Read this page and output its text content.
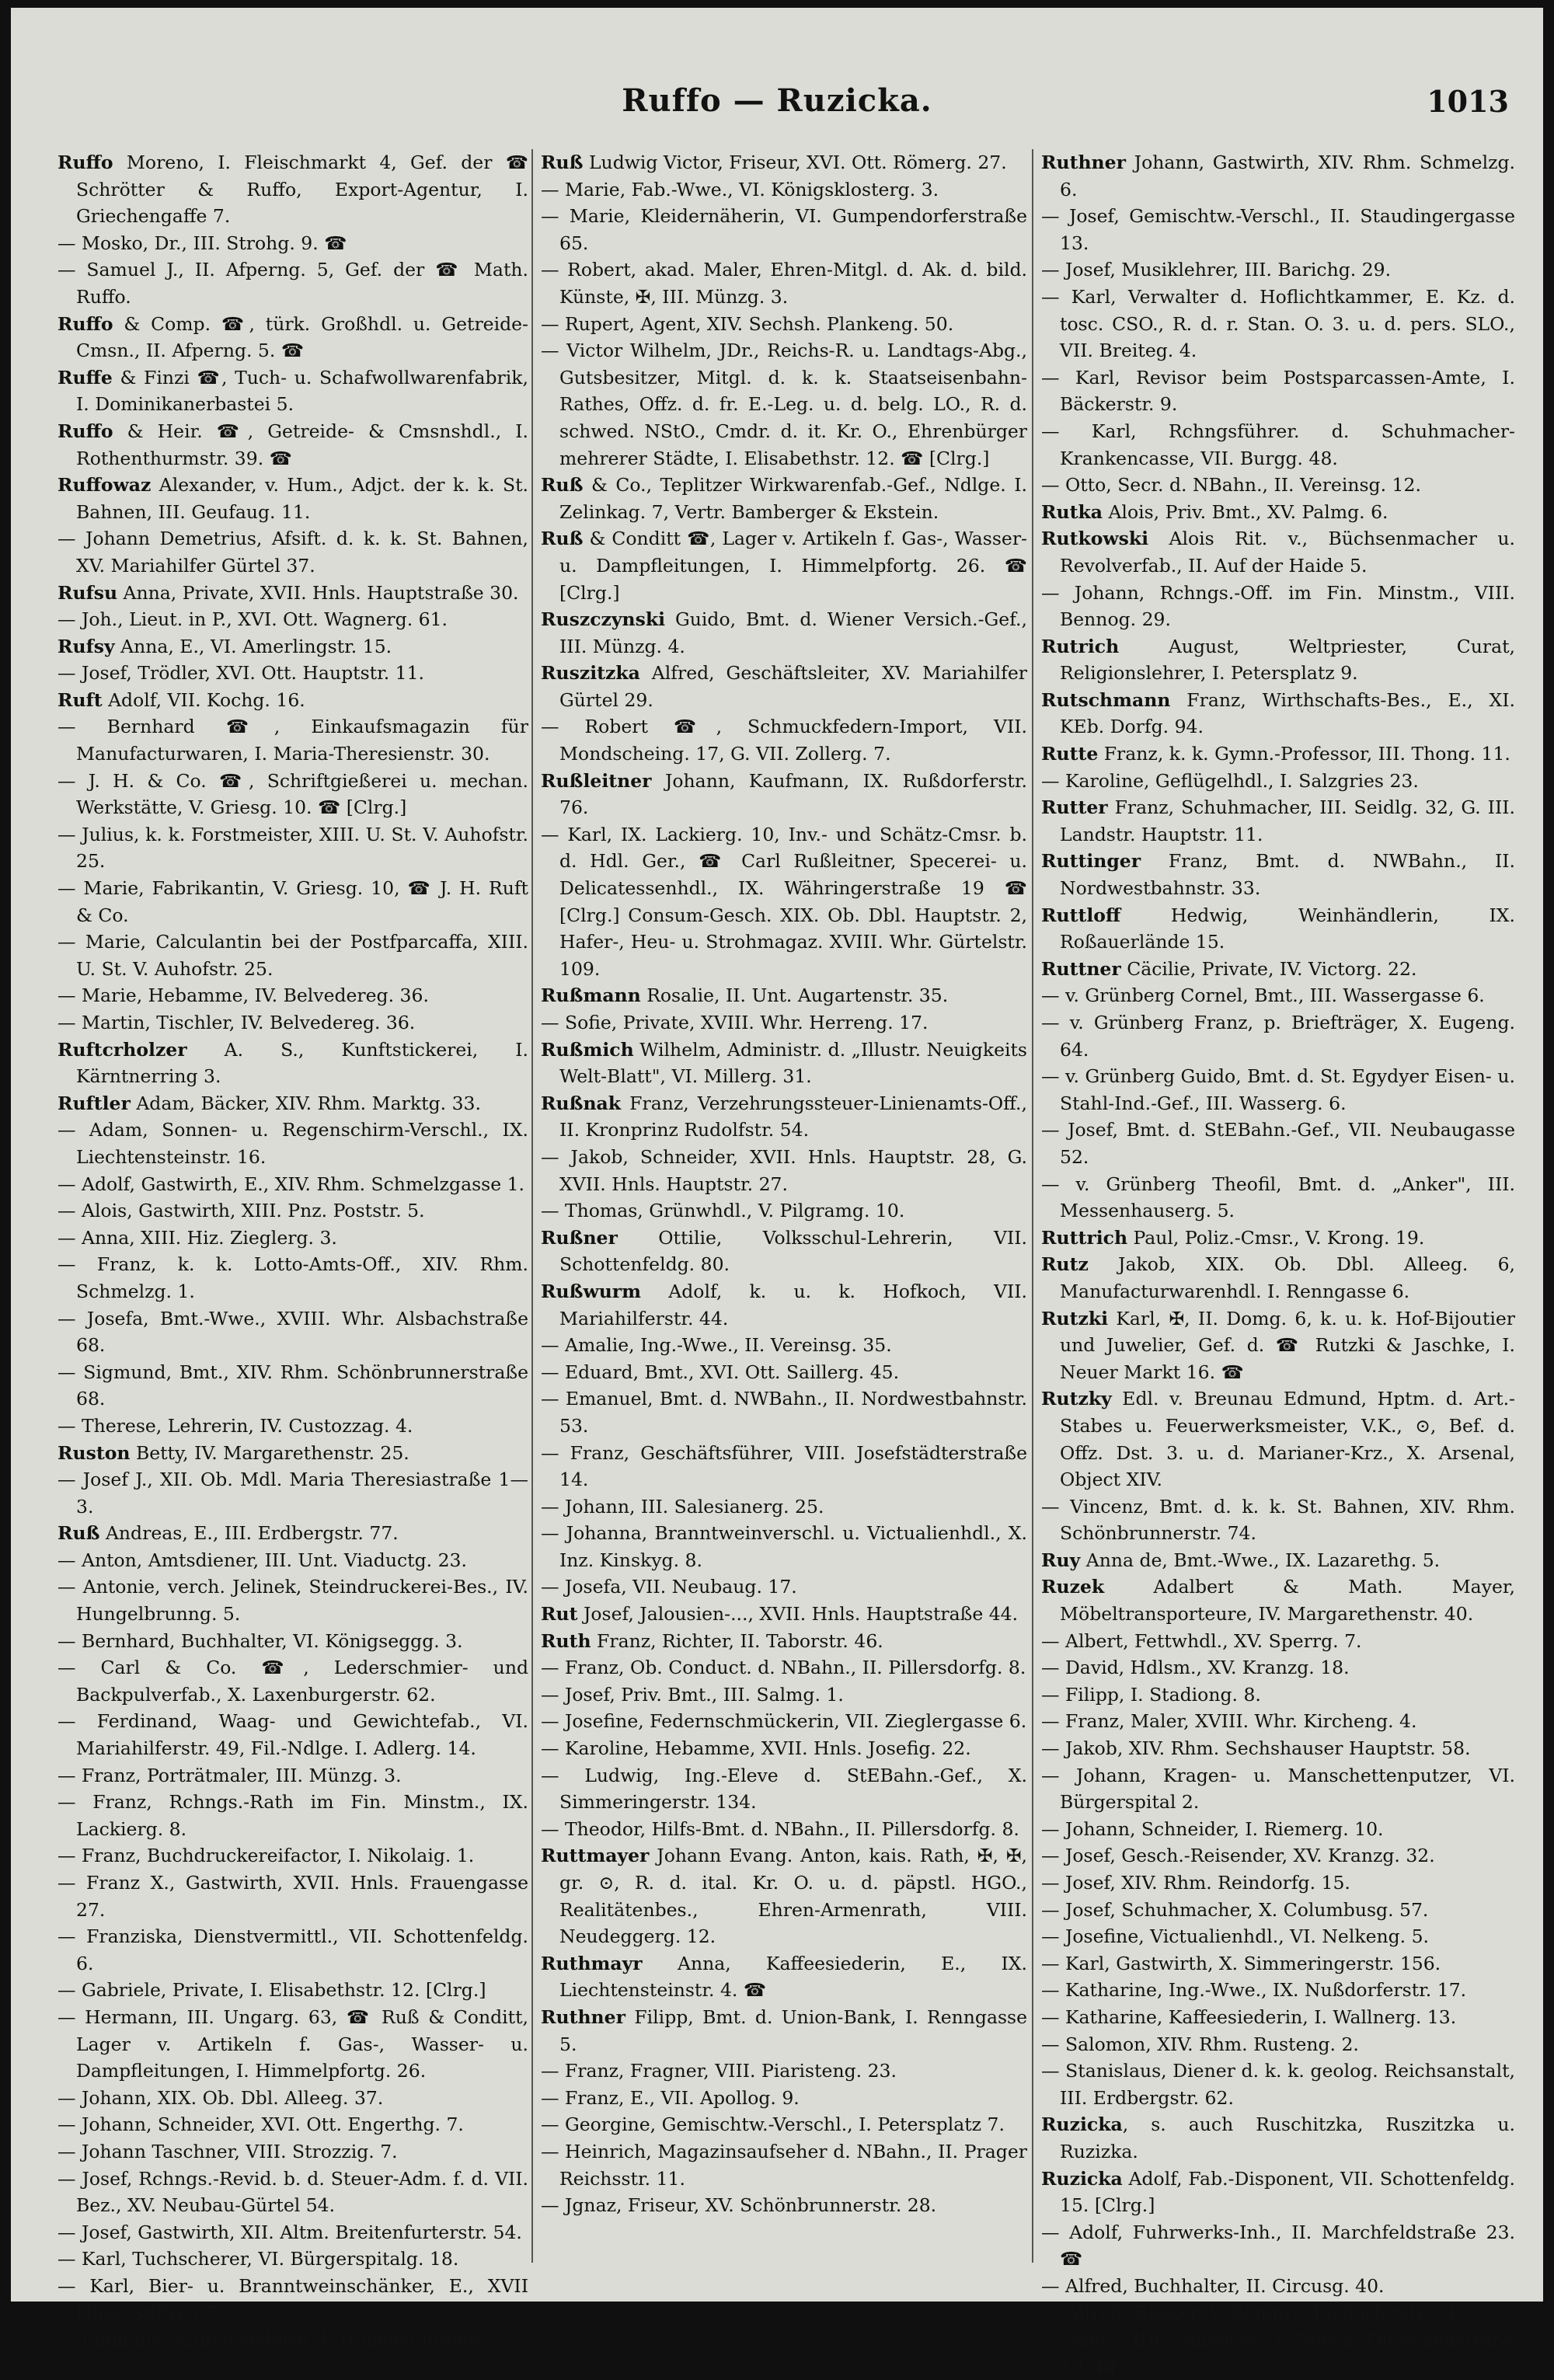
Ruffo — Ruzicka.	1013

Ruffo Moreno, I. Fleischmarkt 4, Gef. der ☎ Schrötter & Ruffo, Export-Agentur, I. Griechengaffe 7.

— Mosko, Dr., III. Strohg. 9. ☎

— Samuel J., II. Afperng. 5, Gef. der ☎ Math. Ruffo.

Ruffo & Comp. ☎, türk. Großhdl. u. Getreide-Cmsn., II. Afperng. 5. ☎

Ruffe & Finzi ☎, Tuch- u. Schafwollwarenfabrik, I. Dominikanerbastei 5.

Ruffo & Heir. ☎, Getreide- & Cmsnshdl., I. Rothenthurmstr. 39. ☎

Ruffowaz Alexander, v. Hum., Adjct. der k. k. St. Bahnen, III. Geufaug. 11.

— Johann Demetrius, Afsift. d. k. k. St. Bahnen, XV. Mariahilfer Gürtel 37.

Rufsu Anna, Private, XVII. Hnls. Hauptstraße 30.

— Joh., Lieut. in P., XVI. Ott. Wagnerg. 61.

Rufsy Anna, E., VI. Amerlingstr. 15.

— Josef, Trödler, XVI. Ott. Hauptstr. 11.

Ruft Adolf, VII. Kochg. 16.

— Bernhard ☎, Einkaufsmagazin für Manufacturwaren, I. Maria-Theresienstr. 30.

— J. H. & Co. ☎, Schriftgießerei u. mechan. Werkstätte, V. Griesg. 10. ☎ [Clrg.]

— Julius, k. k. Forstmeister, XIII. U. St. V. Auhofstr. 25.

— Marie, Fabrikantin, V. Griesg. 10, ☎ J. H. Ruft & Co.

— Marie, Calculantin bei der Postfparcaffa, XIII. U. St. V. Auhofstr. 25.

— Marie, Hebamme, IV. Belvedereg. 36.

— Martin, Tischler, IV. Belvedereg. 36.

Ruftcrholzer A. S., Kunftstickerei, I. Kärntnerring 3.

Ruftler Adam, Bäcker, XIV. Rhm. Marktg. 33.

— Adam, Sonnen- u. Regenschirm-Verschl., IX. Liechtensteinstr. 16.

— Adolf, Gastwirth, E., XIV. Rhm. Schmelzgasse 1.

— Alois, Gastwirth, XIII. Pnz. Poststr. 5.

— Anna, XIII. Hiz. Zieglerg. 3.

— Franz, k. k. Lotto-Amts-Off., XIV. Rhm. Schmelzg. 1.

— Josefa, Bmt.-Wwe., XVIII. Whr. Alsbachstraße 68.

— Sigmund, Bmt., XIV. Rhm. Schönbrunnerstraße 68.

— Therese, Lehrerin, IV. Custozzag. 4.

Ruston Betty, IV. Margarethenstr. 25.

— Josef J., XII. Ob. Mdl. Maria Theresiastraße 1—3.

Ruß Andreas, E., III. Erdbergstr. 77.

— Anton, Amtsdiener, III. Unt. Viaductg. 23.

— Antonie, verch. Jelinek, Steindruckerei-Bes., IV. Hungelbrunng. 5.

— Bernhard, Buchhalter, VI. Königseggg. 3.

— Carl & Co. ☎, Lederschmier- und Backpulverfab., X. Laxenburgerstr. 62.

— Ferdinand, Waag- und Gewichtefab., VI. Mariahilferstr. 49, Fil.-Ndlge. I. Adlerg. 14.

— Franz, Porträtmaler, III. Münzg. 3.

— Franz, Rchngs.-Rath im Fin. Minstm., IX. Lackierg. 8.

— Franz, Buchdruckereifactor, I. Nikolaig. 1.

— Franz X., Gastwirth, XVII. Hnls. Frauengasse 27.

— Franziska, Dienstvermittl., VII. Schottenfeldg. 6.

— Gabriele, Private, I. Elisabethstr. 12. [Clrg.]

— Hermann, III. Ungarg. 63, ☎ Ruß & Conditt, Lager v. Artikeln f. Gas-, Wasser- u. Dampfleitungen, I. Himmelpfortg. 26.

— Johann, XIX. Ob. Dbl. Alleeg. 37.

— Johann, Schneider, XVI. Ott. Engerthg. 7.

— Johann Taschner, VIII. Strozzig. 7.

— Josef, Rchngs.-Revid. b. d. Steuer-Adm. f. d. VII. Bez., XV. Neubau-Gürtel 54.

— Josef, Gastwirth, XII. Altm. Breitenfurterstr. 54.

— Karl, Tuchscherer, VI. Bürgerspitalg. 18.

— Karl, Bier- u. Branntweinschänker, E., XVII Hnls. Stiftg. 87.

— Ludmilla, Kaffeesiederin, I. Hohenstaufeng. 7.

Ruß Ludwig Victor, Friseur, XVI. Ott. Römerg. 27.

— Marie, Fab.-Wwe., VI. Königsklosterg. 3.

— Marie, Kleidernäherin, VI. Gumpendorferstraße 65.

— Robert, akad. Maler, Ehren-Mitgl. d. Ak. d. bild. Künste, ✠, III. Münzg. 3.

— Rupert, Agent, XIV. Sechsh. Plankeng. 50.

— Victor Wilhelm, JDr., Reichs-R. u. Landtags-Abg., Gutsbesitzer, Mitgl. d. k. k. Staatseisenbahn-Rathes, Offz. d. fr. E.-Leg. u. d. belg. LO., R. d. schwed. NStO., Cmdr. d. it. Kr. O., Ehrenbürger mehrerer Städte, I. Elisabethstr. 12. ☎ [Clrg.]

Ruß & Co., Teplitzer Wirkwarenfab.-Gef., Ndlge. I. Zelinkag. 7, Vertr. Bamberger & Ekstein.

Ruß & Conditt ☎, Lager v. Artikeln f. Gas-, Wasser- u. Dampfleitungen, I. Himmelpfortg. 26. ☎ [Clrg.]

Ruszczynski Guido, Bmt. d. Wiener Versich.-Gef., III. Münzg. 4.

Ruszitzka Alfred, Geschäftsleiter, XV. Mariahilfer Gürtel 29.

— Robert ☎, Schmuckfedern-Import, VII. Mondscheing. 17, G. VII. Zollerg. 7.

Rußleitner Johann, Kaufmann, IX. Rußdorferstr. 76.

— Karl, IX. Lackierg. 10, Inv.- und Schätz-Cmsr. b. d. Hdl. Ger., ☎ Carl Rußleitner, Specerei- u. Delicatessenhdl., IX. Währingerstraße 19 ☎ [Clrg.] Consum-Gesch. XIX. Ob. Dbl. Hauptstr. 2, Hafer-, Heu- u. Strohmagaz. XVIII. Whr. Gürtelstr. 109.

Rußmann Rosalie, II. Unt. Augartenstr. 35.

— Sofie, Private, XVIII. Whr. Herreng. 17.

Rußmich Wilhelm, Administr. d. „Illustr. Neuigkeits Welt-Blatt", VI. Millerg. 31.

Rußnak Franz, Verzehrungssteuer-Linienamts-Off., II. Kronprinz Rudolfstr. 54.

— Jakob, Schneider, XVII. Hnls. Hauptstr. 28, G. XVII. Hnls. Hauptstr. 27.

— Thomas, Grünwhdl., V. Pilgramg. 10.

Rußner Ottilie, Volksschul-Lehrerin, VII. Schottenfeldg. 80.

Rußwurm Adolf, k. u. k. Hofkoch, VII. Mariahilferstr. 44.

— Amalie, Ing.-Wwe., II. Vereinsg. 35.

— Eduard, Bmt., XVI. Ott. Saillerg. 45.

— Emanuel, Bmt. d. NWBahn., II. Nordwestbahnstr. 53.

— Franz, Geschäftsführer, VIII. Josefstädterstraße 14.

— Johann, III. Salesianerg. 25.

— Johanna, Branntweinverschl. u. Victualienhdl., X. Inz. Kinskyg. 8.

— Josefa, VII. Neubaug. 17.

Rut Josef, Jalousien-..., XVII. Hnls. Hauptstraße 44.

Ruth Franz, Richter, II. Taborstr. 46.

— Franz, Ob. Conduct. d. NBahn., II. Pillersdorfg. 8.

— Josef, Priv. Bmt., III. Salmg. 1.

— Josefine, Federnschmückerin, VII. Zieglergasse 6.

— Karoline, Hebamme, XVII. Hnls. Josefig. 22.

— Ludwig, Ing.-Eleve d. StEBahn.-Gef., X. Simmeringerstr. 134.

— Theodor, Hilfs-Bmt. d. NBahn., II. Pillersdorfg. 8.

Ruttmayer Johann Evang. Anton, kais. Rath, ✠, ✠, gr. ⊙, R. d. ital. Kr. O. u. d. päpstl. HGO., Realitätenbes., Ehren-Armenrath, VIII. Neudeggerg. 12.

Ruthmayr Anna, Kaffeesiederin, E., IX. Liechtensteinstr. 4. ☎

Ruthner Filipp, Bmt. d. Union-Bank, I. Renngasse 5.

— Franz, Fragner, VIII. Piaristeng. 23.

— Franz, E., VII. Apollog. 9.

— Georgine, Gemischtw.-Verschl., I. Petersplatz 7.

— Heinrich, Magazinsaufseher d. NBahn., II. Prager Reichsstr. 11.

— Jgnaz, Friseur, XV. Schönbrunnerstr. 28.

Ruthner Johann, Gastwirth, XIV. Rhm. Schmelzg. 6.

— Josef, Gemischtw.-Verschl., II. Staudingergasse 13.

— Josef, Musiklehrer, III. Barichg. 29.

— Karl, Verwalter d. Hoflichtkammer, E. Kz. d. tosc. CSO., R. d. r. Stan. O. 3. u. d. pers. SLO., VII. Breiteg. 4.

— Karl, Revisor beim Postsparcassen-Amte, I. Bäckerstr. 9.

— Karl, Rchngsführer. d. Schuhmacher-Krankencasse, VII. Burgg. 48.

— Otto, Secr. d. NBahn., II. Vereinsg. 12.

Rutka Alois, Priv. Bmt., XV. Palmg. 6.

Rutkowski Alois Rit. v., Büchsenmacher u. Revolverfab., II. Auf der Haide 5.

— Johann, Rchngs.-Off. im Fin. Minstm., VIII. Bennog. 29.

Rutrich August, Weltpriester, Curat, Religionslehrer, I. Petersplatz 9.

Rutschmann Franz, Wirthschafts-Bes., E., XI. KEb. Dorfg. 94.

Rutte Franz, k. k. Gymn.-Professor, III. Thong. 11.

— Karoline, Geflügelhdl., I. Salzgries 23.

Rutter Franz, Schuhmacher, III. Seidlg. 32, G. III. Landstr. Hauptstr. 11.

Ruttinger Franz, Bmt. d. NWBahn., II. Nordwestbahnstr. 33.

Ruttloff Hedwig, Weinhändlerin, IX. Roßauerlände 15.

Ruttner Cäcilie, Private, IV. Victorg. 22.

— v. Grünberg Cornel, Bmt., III. Wassergasse 6.

— v. Grünberg Franz, p. Briefträger, X. Eugeng. 64.

— v. Grünberg Guido, Bmt. d. St. Egydyer Eisen- u. Stahl-Ind.-Gef., III. Wasserg. 6.

— Josef, Bmt. d. StEBahn.-Gef., VII. Neubaugasse 52.

— v. Grünberg Theofil, Bmt. d. „Anker", III. Messenhauserg. 5.

Ruttrich Paul, Poliz.-Cmsr., V. Krong. 19.

Rutz Jakob, XIX. Ob. Dbl. Alleeg. 6, Manufacturwarenhdl. I. Renngasse 6.

Rutzki Karl, ✠, II. Domg. 6, k. u. k. Hof-Bijoutier und Juwelier, Gef. d. ☎ Rutzki & Jaschke, I. Neuer Markt 16. ☎

Rutzky Edl. v. Breunau Edmund, Hptm. d. Art.-Stabes u. Feuerwerksmeister, V.K., ⊙, Bef. d. Offz. Dst. 3. u. d. Marianer-Krz., X. Arsenal, Object XIV.

— Vincenz, Bmt. d. k. k. St. Bahnen, XIV. Rhm. Schönbrunnerstr. 74.

Ruy Anna de, Bmt.-Wwe., IX. Lazarethg. 5.

Ruzek Adalbert & Math. Mayer, Möbeltransporteure, IV. Margarethenstr. 40.

— Albert, Fettwhdl., XV. Sperrg. 7.

— David, Hdlsm., XV. Kranzg. 18.

— Filipp, I. Stadiong. 8.

— Franz, Maler, XVIII. Whr. Kircheng. 4.

— Jakob, XIV. Rhm. Sechshauser Hauptstr. 58.

— Johann, Kragen- u. Manschettenputzer, VI. Bürgerspital 2.

— Johann, Schneider, I. Riemerg. 10.

— Josef, Gesch.-Reisender, XV. Kranzg. 32.

— Josef, XIV. Rhm. Reindorfg. 15.

— Josef, Schuhmacher, X. Columbusg. 57.

— Josefine, Victualienhdl., VI. Nelkeng. 5.

— Karl, Gastwirth, X. Simmeringerstr. 156.

— Katharine, Ing.-Wwe., IX. Nußdorferstr. 17.

— Katharine, Kaffeesiederin, I. Wallnerg. 13.

— Salomon, XIV. Rhm. Rusteng. 2.

— Stanislaus, Diener d. k. k. geolog. Reichsanstalt, III. Erdbergstr. 62.

Ruzicka, s. auch Ruschitzka, Ruszitzka u. Ruzizka.

Ruzicka Adolf, Fab.-Disponent, VII. Schottenfeldg. 15. [Clrg.]

— Adolf, Fuhrwerks-Inh., II. Marchfeldstraße 23. ☎

— Alfred, Buchhalter, II. Circusg. 40.

— Alfred, Bäcker, V. Reinprechtsdorferstr. 21.

— Alois, JDr., Advocat, I. Maria Theresienstraße 10. ☎
